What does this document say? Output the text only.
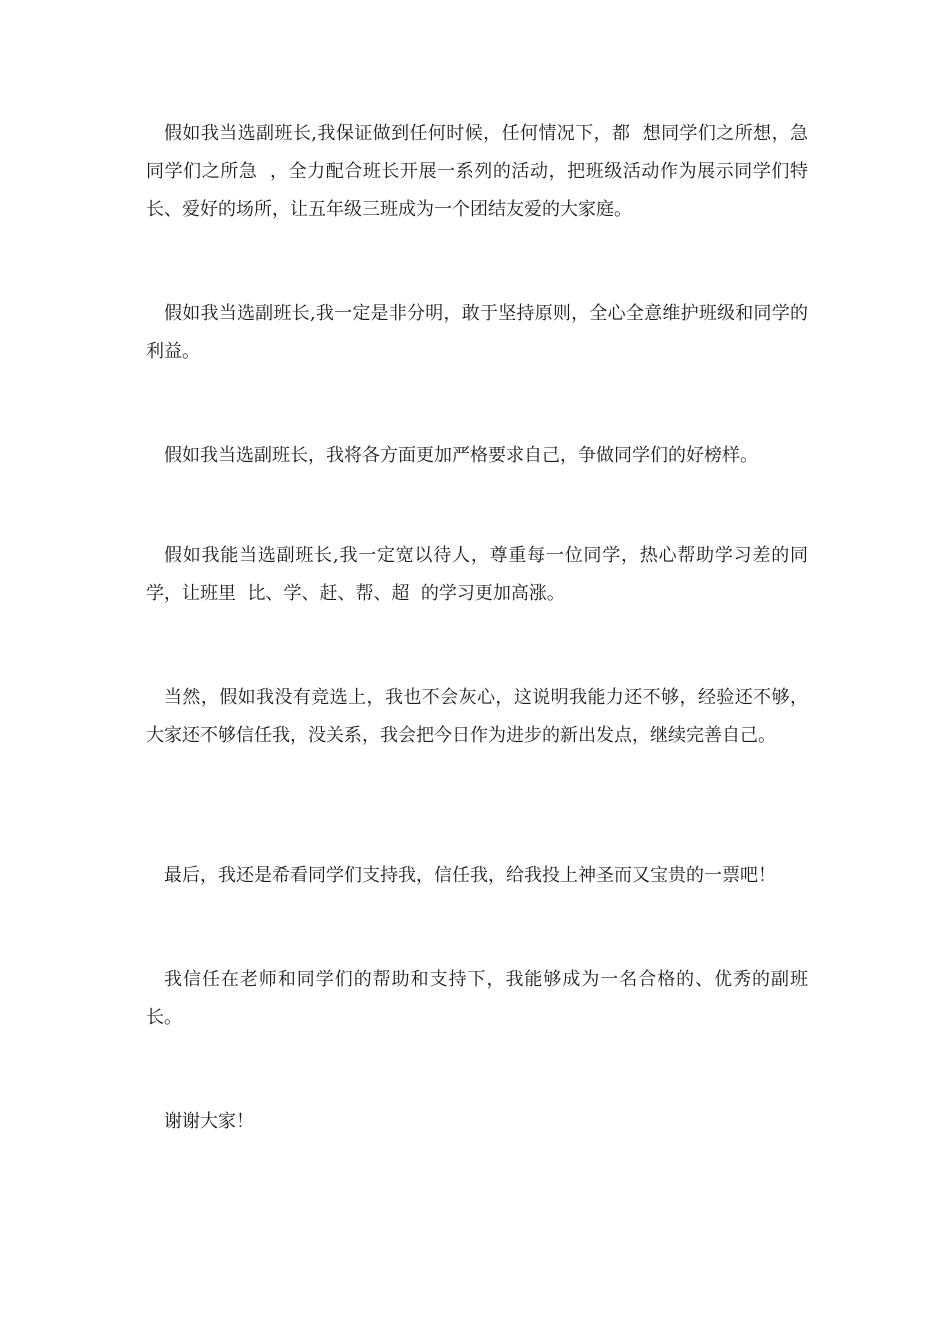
假如我当选副班长,我保证做到任何时候，任何情况下，都  想同学们之所想，急同学们之所急  ，全力配合班长开展一系列的活动，把班级活动作为展示同学们特长、爱好的场所，让五年级三班成为一个团结友爱的大家庭。

假如我当选副班长,我一定是非分明，敢于坚持原则，全心全意维护班级和同学的利益。

假如我当选副班长，我将各方面更加严格要求自己，争做同学们的好榜样。

假如我能当选副班长,我一定宽以待人，尊重每一位同学，热心帮助学习差的同学，让班里  比、学、赶、帮、超  的学习更加高涨。

当然，假如我没有竞选上，我也不会灰心，这说明我能力还不够，经验还不够，大家还不够信任我，没关系，我会把今日作为进步的新出发点，继续完善自己。

最后，我还是希看同学们支持我，信任我，给我投上神圣而又宝贵的一票吧！

我信任在老师和同学们的帮助和支持下，我能够成为一名合格的、优秀的副班长。

谢谢大家！
